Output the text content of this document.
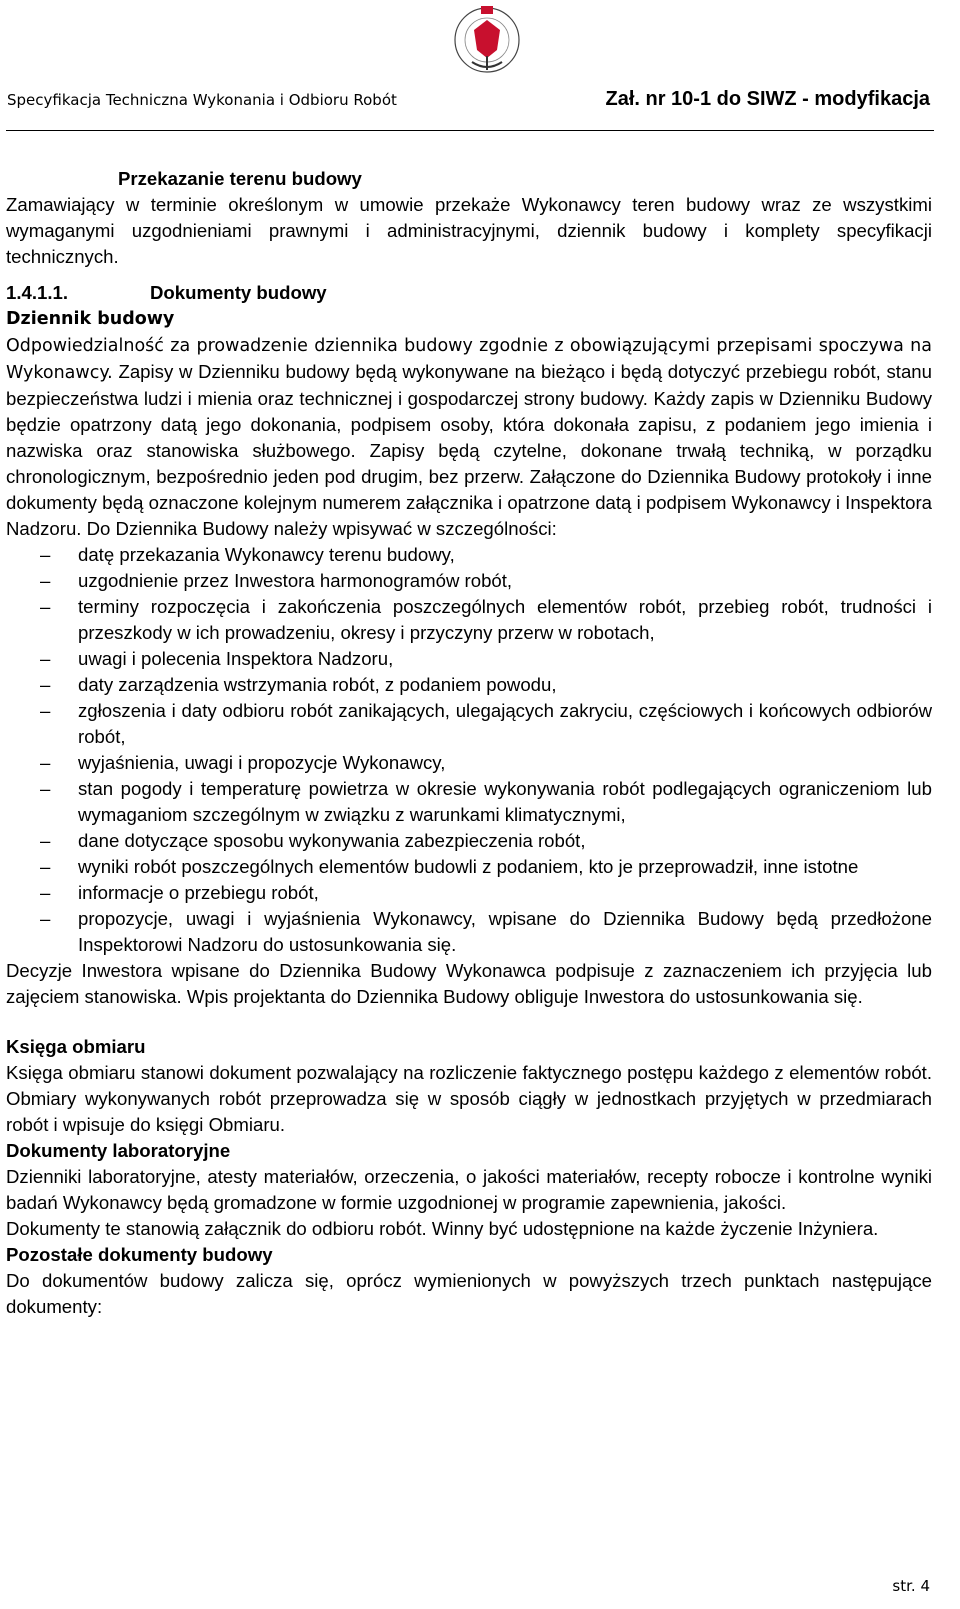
Specyfikacja Techniczna Wykonania i Odbioru Robót	Zał. nr 10-1 do SIWZ - modyfikacja

Przekazanie terenu budowy

Zamawiający w terminie określonym w umowie przekaże Wykonawcy teren budowy wraz ze wszystkimi wymaganymi uzgodnieniami prawnymi i administracyjnymi, dziennik budowy i komplety specyfikacji technicznych.

1.4.1.1.	Dokumenty budowy

Dziennik budowy

Odpowiedzialność za prowadzenie dziennika budowy zgodnie z obowiązującymi przepisami spoczywa na Wykonawcy. Zapisy w Dzienniku budowy będą wykonywane na bieżąco i będą dotyczyć przebiegu robót, stanu bezpieczeństwa ludzi i mienia oraz technicznej i gospodarczej strony budowy. Każdy zapis w Dzienniku Budowy będzie opatrzony datą jego dokonania, podpisem osoby, która dokonała zapisu, z podaniem jego imienia i nazwiska oraz stanowiska służbowego. Zapisy będą czytelne, dokonane trwałą techniką, w porządku chronologicznym, bezpośrednio jeden pod drugim, bez przerw. Załączone do Dziennika Budowy protokoły i inne dokumenty będą oznaczone kolejnym numerem załącznika i opatrzone datą i podpisem Wykonawcy i Inspektora Nadzoru. Do Dziennika Budowy należy wpisywać w szczególności:

– datę przekazania Wykonawcy terenu budowy,
– uzgodnienie przez Inwestora harmonogramów robót,
– terminy rozpoczęcia i zakończenia poszczególnych elementów robót, przebieg robót, trudności i przeszkody w ich prowadzeniu, okresy i przyczyny przerw w robotach,
– uwagi i polecenia Inspektora Nadzoru,
– daty zarządzenia wstrzymania robót, z podaniem powodu,
– zgłoszenia i daty odbioru robót zanikających, ulegających zakryciu, częściowych i końcowych odbiorów robót,
– wyjaśnienia, uwagi i propozycje Wykonawcy,
– stan pogody i temperaturę powietrza w okresie wykonywania robót podlegających ograniczeniom lub wymaganiom szczególnym w związku z warunkami klimatycznymi,
– dane dotyczące sposobu wykonywania zabezpieczenia robót,
– wyniki robót poszczególnych elementów budowli z podaniem, kto je przeprowadził, inne istotne
– informacje o przebiegu robót,
– propozycje, uwagi i wyjaśnienia Wykonawcy, wpisane do Dziennika Budowy będą przedłożone Inspektorowi Nadzoru do ustosunkowania się.

Decyzje Inwestora wpisane do Dziennika Budowy Wykonawca podpisuje z zaznaczeniem ich przyjęcia lub zajęciem stanowiska. Wpis projektanta do Dziennika Budowy obliguje Inwestora do ustosunkowania się.

Księga obmiaru

Księga obmiaru stanowi dokument pozwalający na rozliczenie faktycznego postępu każdego z elementów robót. Obmiary wykonywanych robót przeprowadza się w sposób ciągły w jednostkach przyjętych w przedmiarach robót i wpisuje do księgi Obmiaru.

Dokumenty laboratoryjne

Dzienniki laboratoryjne, atesty materiałów, orzeczenia, o jakości materiałów, recepty robocze i kontrolne wyniki badań Wykonawcy będą gromadzone w formie uzgodnionej w programie zapewnienia, jakości.

Dokumenty te stanowią załącznik do odbioru robót. Winny być udostępnione na każde życzenie Inżyniera.

Pozostałe dokumenty budowy

Do dokumentów budowy zalicza się, oprócz wymienionych w powyższych trzech punktach następujące dokumenty:

str. 4
